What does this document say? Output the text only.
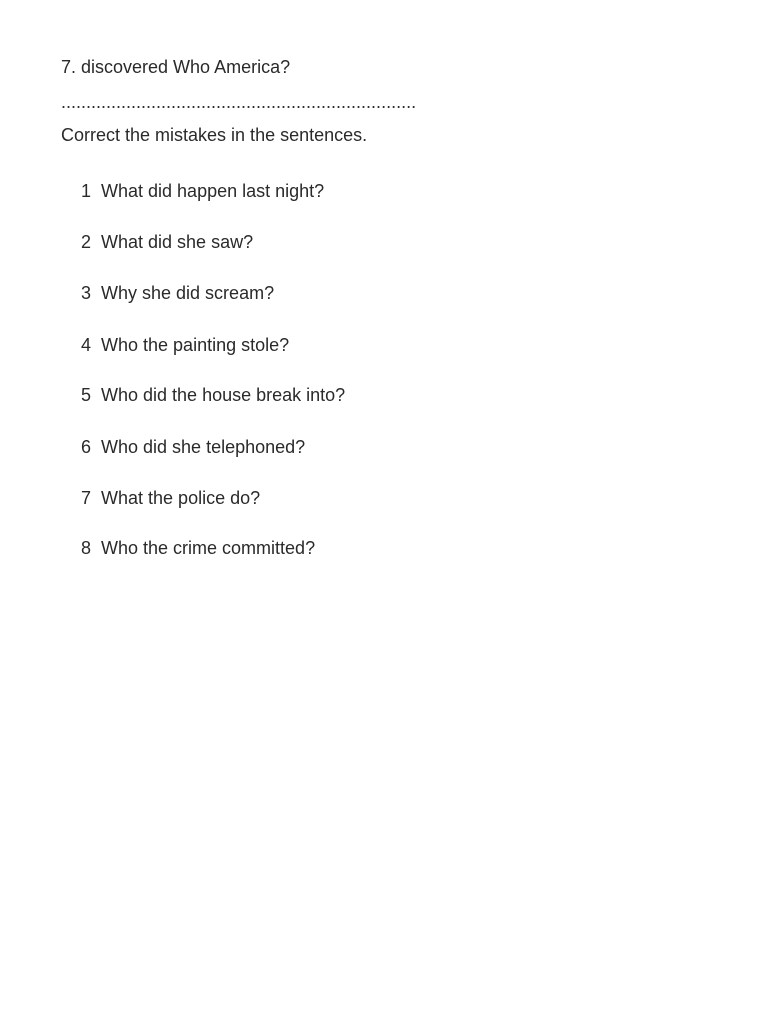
7. discovered Who America?
.......................................................................
Correct the mistakes in the sentences.

1 What did happen last night?

2 What did she saw?

3 Why she did scream?

4 Who the painting stole?

5 Who did the house break into?

6 Who did she telephoned?

7 What the police do?

8 Who the crime committed?
